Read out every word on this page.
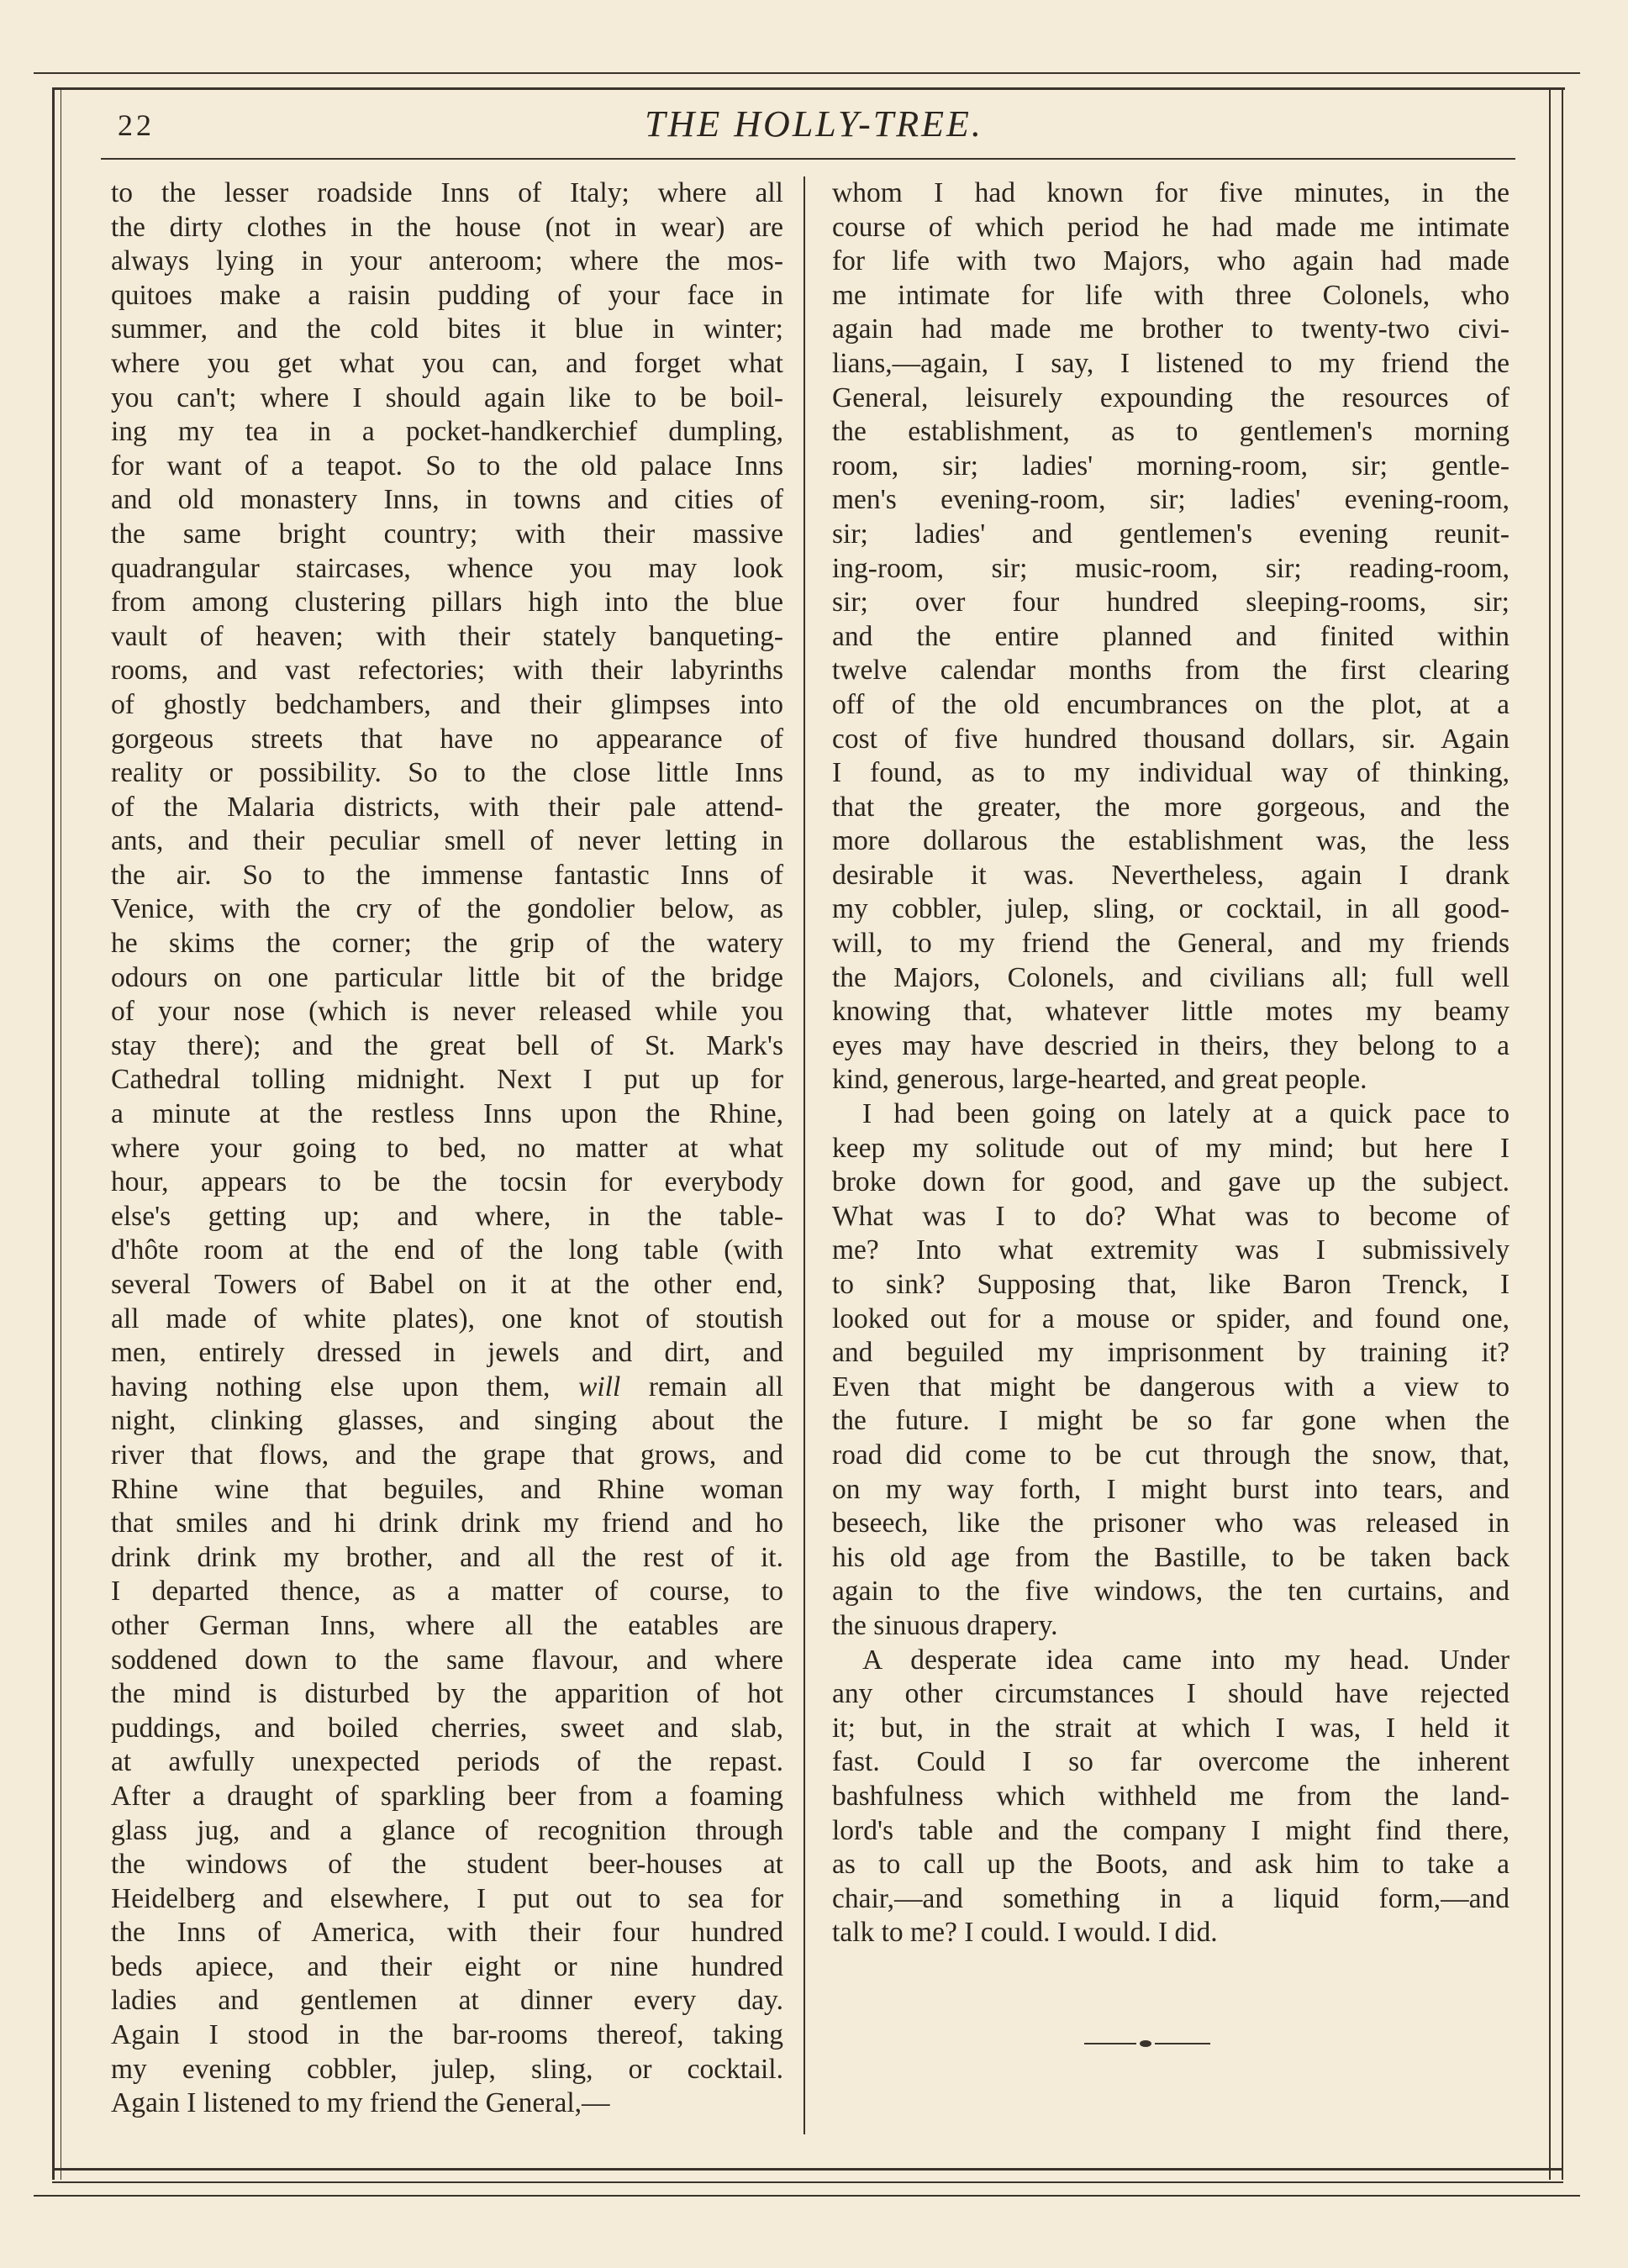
22	THE HOLLY-TREE.
to the lesser roadside Inns of Italy; where all
the dirty clothes in the house (not in wear) are
always lying in your anteroom; where the mos-
quitoes make a raisin pudding of your face in
summer, and the cold bites it blue in winter;
where you get what you can, and forget what
you can't; where I should again like to be boil-
ing my tea in a pocket-handkerchief dumpling,
for want of a teapot. So to the old palace Inns
and old monastery Inns, in towns and cities of
the same bright country; with their massive
quadrangular staircases, whence you may look
from among clustering pillars high into the blue
vault of heaven; with their stately banqueting-
rooms, and vast refectories; with their labyrinths
of ghostly bedchambers, and their glimpses into
gorgeous streets that have no appearance of
reality or possibility. So to the close little Inns
of the Malaria districts, with their pale attend-
ants, and their peculiar smell of never letting in
the air. So to the immense fantastic Inns of
Venice, with the cry of the gondolier below, as
he skims the corner; the grip of the watery
odours on one particular little bit of the bridge
of your nose (which is never released while you
stay there); and the great bell of St. Mark's
Cathedral tolling midnight. Next I put up for
a minute at the restless Inns upon the Rhine,
where your going to bed, no matter at what
hour, appears to be the tocsin for everybody
else's getting up; and where, in the table-
d'hôte room at the end of the long table (with
several Towers of Babel on it at the other end,
all made of white plates), one knot of stoutish
men, entirely dressed in jewels and dirt, and
having nothing else upon them, will remain all
night, clinking glasses, and singing about the
river that flows, and the grape that grows, and
Rhine wine that beguiles, and Rhine woman
that smiles and hi drink drink my friend and ho
drink drink my brother, and all the rest of it.
I departed thence, as a matter of course, to
other German Inns, where all the eatables are
soddened down to the same flavour, and where
the mind is disturbed by the apparition of hot
puddings, and boiled cherries, sweet and slab,
at awfully unexpected periods of the repast.
After a draught of sparkling beer from a foaming
glass jug, and a glance of recognition through
the windows of the student beer-houses at
Heidelberg and elsewhere, I put out to sea for
the Inns of America, with their four hundred
beds apiece, and their eight or nine hundred
ladies and gentlemen at dinner every day.
Again I stood in the bar-rooms thereof, taking
my evening cobbler, julep, sling, or cocktail.
Again I listened to my friend the General,—
whom I had known for five minutes, in the
course of which period he had made me intimate
for life with two Majors, who again had made
me intimate for life with three Colonels, who
again had made me brother to twenty-two civi-
lians,—again, I say, I listened to my friend the
General, leisurely expounding the resources of
the establishment, as to gentlemen's morning
room, sir; ladies' morning-room, sir; gentle-
men's evening-room, sir; ladies' evening-room,
sir; ladies' and gentlemen's evening reunit-
ing-room, sir; music-room, sir; reading-room,
sir; over four hundred sleeping-rooms, sir;
and the entire planned and finited within
twelve calendar months from the first clearing
off of the old encumbrances on the plot, at a
cost of five hundred thousand dollars, sir. Again
I found, as to my individual way of thinking,
that the greater, the more gorgeous, and the
more dollarous the establishment was, the less
desirable it was. Nevertheless, again I drank
my cobbler, julep, sling, or cocktail, in all good-
will, to my friend the General, and my friends
the Majors, Colonels, and civilians all; full well
knowing that, whatever little motes my beamy
eyes may have descried in theirs, they belong to a
kind, generous, large-hearted, and great people.
I had been going on lately at a quick pace to
keep my solitude out of my mind; but here I
broke down for good, and gave up the subject.
What was I to do? What was to become of
me? Into what extremity was I submissively
to sink? Supposing that, like Baron Trenck, I
looked out for a mouse or spider, and found one,
and beguiled my imprisonment by training it?
Even that might be dangerous with a view to
the future. I might be so far gone when the
road did come to be cut through the snow, that,
on my way forth, I might burst into tears, and
beseech, like the prisoner who was released in
his old age from the Bastille, to be taken back
again to the five windows, the ten curtains, and
the sinuous drapery.
A desperate idea came into my head. Under
any other circumstances I should have rejected
it; but, in the strait at which I was, I held it
fast. Could I so far overcome the inherent
bashfulness which withheld me from the land-
lord's table and the company I might find there,
as to call up the Boots, and ask him to take a
chair,—and something in a liquid form,—and
talk to me? I could. I would. I did.
